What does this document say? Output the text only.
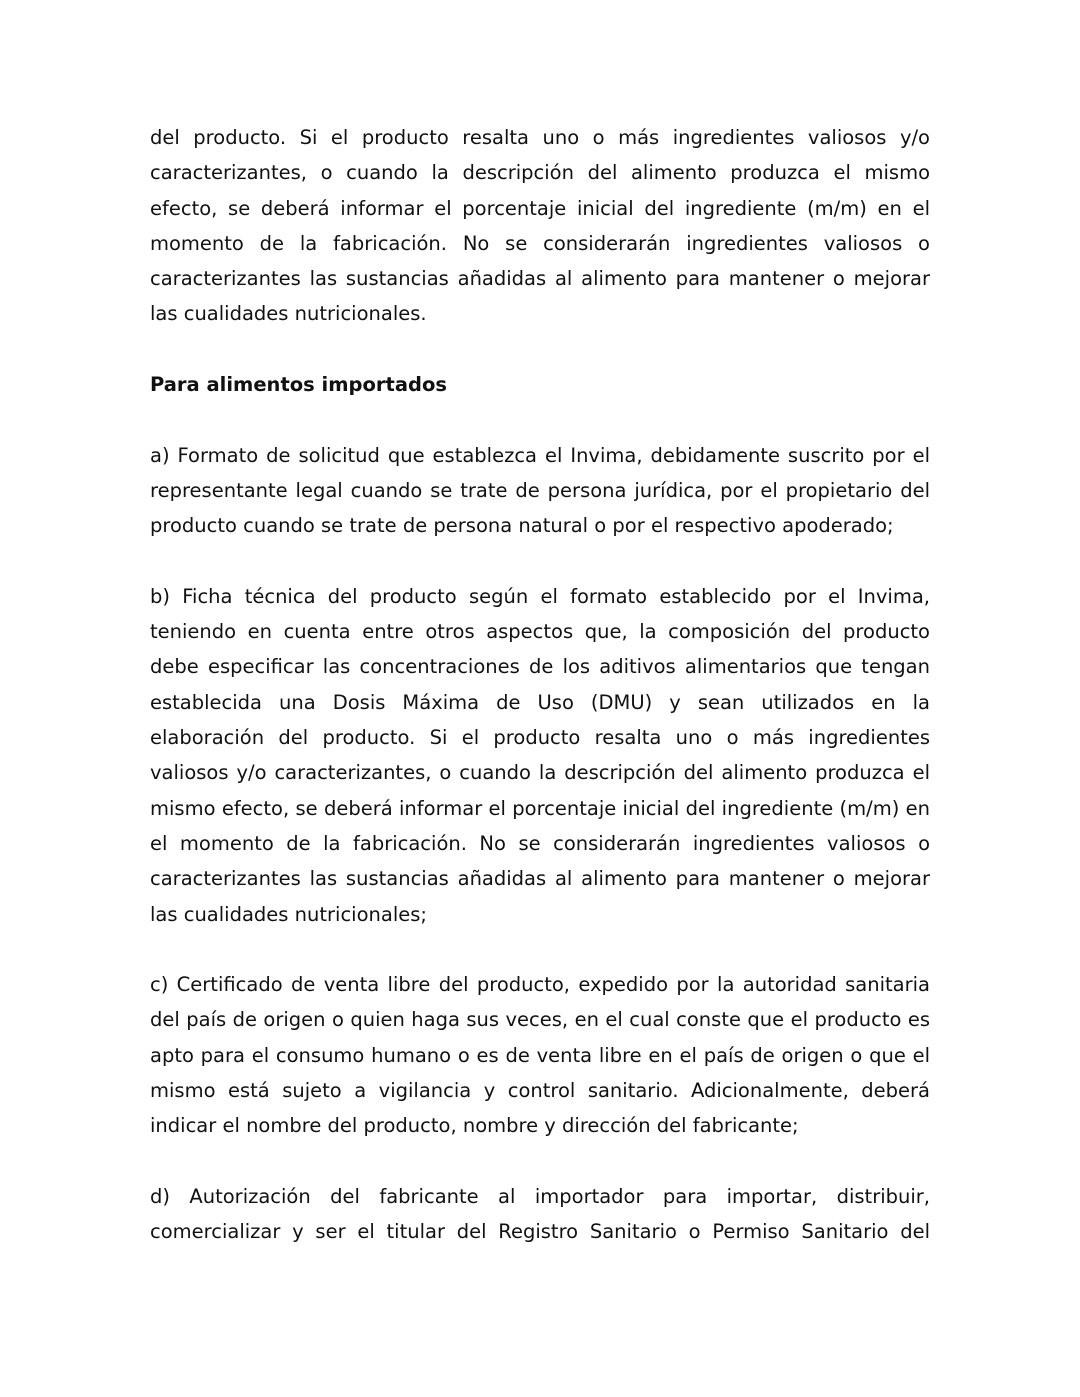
del producto. Si el producto resalta uno o más ingredientes valiosos y/o caracterizantes, o cuando la descripción del alimento produzca el mismo efecto, se deberá informar el porcentaje inicial del ingrediente (m/m) en el momento de la fabricación. No se considerarán ingredientes valiosos o caracterizantes las sustancias añadidas al alimento para mantener o mejorar las cualidades nutricionales.

Para alimentos importados

a) Formato de solicitud que establezca el Invima, debidamente suscrito por el representante legal cuando se trate de persona jurídica, por el propietario del producto cuando se trate de persona natural o por el respectivo apoderado;

b) Ficha técnica del producto según el formato establecido por el Invima, teniendo en cuenta entre otros aspectos que, la composición del producto debe especificar las concentraciones de los aditivos alimentarios que tengan establecida una Dosis Máxima de Uso (DMU) y sean utilizados en la elaboración del producto. Si el producto resalta uno o más ingredientes valiosos y/o caracterizantes, o cuando la descripción del alimento produzca el mismo efecto, se deberá informar el porcentaje inicial del ingrediente (m/m) en el momento de la fabricación. No se considerarán ingredientes valiosos o caracterizantes las sustancias añadidas al alimento para mantener o mejorar las cualidades nutricionales;

c) Certificado de venta libre del producto, expedido por la autoridad sanitaria del país de origen o quien haga sus veces, en el cual conste que el producto es apto para el consumo humano o es de venta libre en el país de origen o que el mismo está sujeto a vigilancia y control sanitario. Adicionalmente, deberá indicar el nombre del producto, nombre y dirección del fabricante;

d) Autorización del fabricante al importador para importar, distribuir, comercializar y ser el titular del Registro Sanitario o Permiso Sanitario del
